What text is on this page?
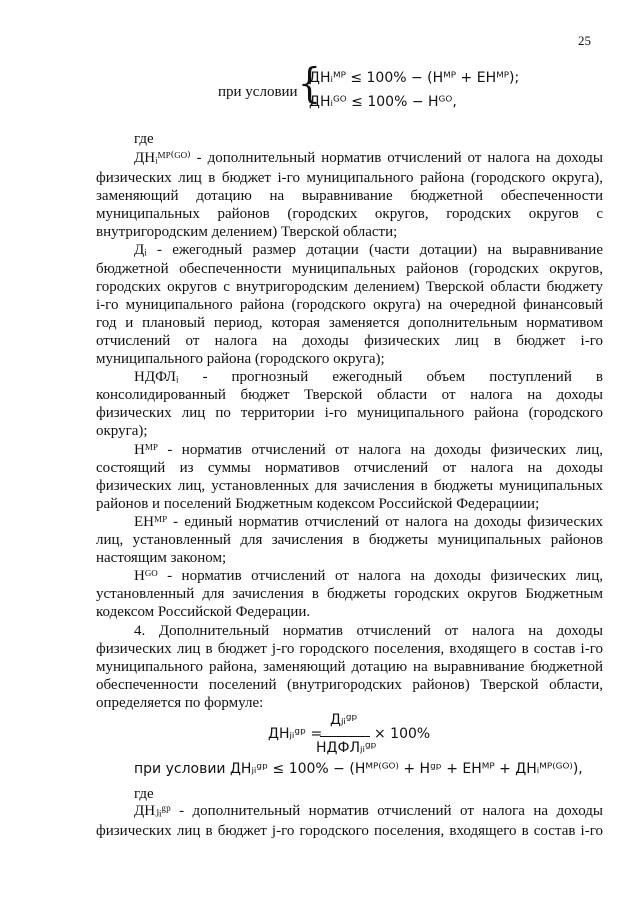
25
при условии {
ДНᵢᴹᴾ ≤ 100% − (Нᴹᴾ + ЕНᴹᴾ);
ДНᵢᴳᴼ ≤ 100% − Нᴳᴼ,
где
ДНᵢᴹᴾ⁽ᴳᴼ⁾ - дополнительный норматив отчислений от налога на доходы
физических лиц в бюджет i-го муниципального района (городского округа),
заменяющий дотацию на выравнивание бюджетной обеспеченности
муниципальных районов (городских округов, городских округов с
внутригородским делением) Тверской области;
Дᵢ - ежегодный размер дотации (части дотации) на выравнивание
бюджетной обеспеченности муниципальных районов (городских округов,
городских округов с внутригородским делением) Тверской области бюджету
i-го муниципального района (городского округа) на очередной финансовый
год и плановый период, которая заменяется дополнительным нормативом
отчислений от налога на доходы физических лиц в бюджет i-го
муниципального района (городского округа);
НДФЛᵢ - прогнозный ежегодный объем поступлений в
консолидированный бюджет Тверской области от налога на доходы
физических лиц по территории i-го муниципального района (городского
округа);
Нᴹᴾ - норматив отчислений от налога на доходы физических лиц,
состоящий из суммы нормативов отчислений от налога на доходы
физических лиц, установленных для зачисления в бюджеты муниципальных
районов и поселений Бюджетным кодексом Российской Федерациии;
ЕНᴹᴾ - единый норматив отчислений от налога на доходы физических
лиц, установленный для зачисления в бюджеты муниципальных районов
настоящим законом;
Нᴳᴼ - норматив отчислений от налога на доходы физических лиц,
установленный для зачисления в бюджеты городских округов Бюджетным
кодексом Российской Федерации.
4. Дополнительный норматив отчислений от налога на доходы
физических лиц в бюджет j-го городского поселения, входящего в состав i-го
муниципального района, заменяющий дотацию на выравнивание бюджетной
обеспеченности поселений (внутригородских районов) Тверской области,
определяется по формуле:
ДНⱼᵢᵍᵖ =
Дⱼᵢᵍᵖ
НДФЛⱼᵢᵍᵖ
× 100%
при условии ДНⱼᵢᵍᵖ ≤ 100% − (Нᴹᴾ⁽ᴳᴼ⁾ + Нᵍᵖ + ЕНᴹᴾ + ДНᵢᴹᴾ⁽ᴳᴼ⁾),
где
ДНⱼᵢᵍᵖ - дополнительный норматив отчислений от налога на доходы
физических лиц в бюджет j-го городского поселения, входящего в состав i-го
